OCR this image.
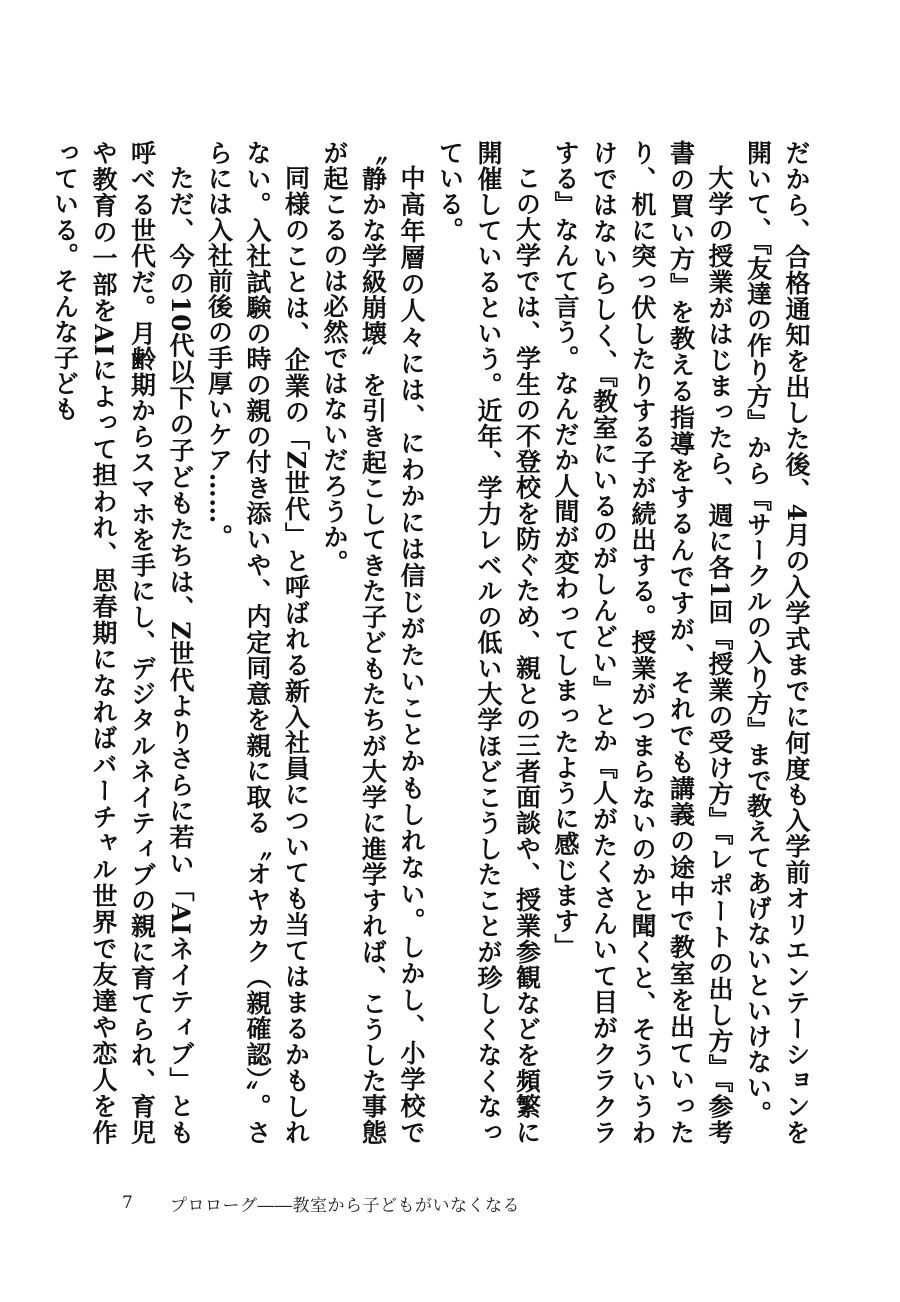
だから、合格通知を出した後、4月の入学式までに何度も入学前オリエンテーションを開いて、『友達の作り方』から『サークルの入り方』まで教えてあげないといけない。

大学の授業がはじまったら、週に各1回『授業の受け方』『レポートの出し方』『参考書の買い方』を教える指導をするんですが、それでも講義の途中で教室を出ていったり、机に突っ伏したりする子が続出する。授業がつまらないのかと聞くと、そういうわけではないらしく、『教室にいるのがしんどい』とか『人がたくさんいて目がクラクラする』なんて言う。なんだか人間が変わってしまったように感じます」

この大学では、学生の不登校を防ぐため、親との三者面談や、授業参観などを頻繁に開催しているという。近年、学力レベルの低い大学ほどこうしたことが珍しくなくなっている。

中高年層の人々には、にわかには信じがたいことかもしれない。しかし、小学校で〝静かな学級崩壊〟を引き起こしてきた子どもたちが大学に進学すれば、こうした事態が起こるのは必然ではないだろうか。

同様のことは、企業の「Z世代」と呼ばれる新入社員についても当てはまるかもしれない。入社試験の時の親の付き添いや、内定同意を親に取る〝オヤカク（親確認）〟。さらには入社前後の手厚いケア……。

ただ、今の10代以下の子どもたちは、Z世代よりさらに若い「AIネイティブ」とも呼べる世代だ。月齢期からスマホを手にし、デジタルネイティブの親に育てられ、育児や教育の一部をAIによって担われ、思春期になればバーチャル世界で友達や恋人を作っている。そんな子ども

7	プロローグ――教室から子どもがいなくなる
